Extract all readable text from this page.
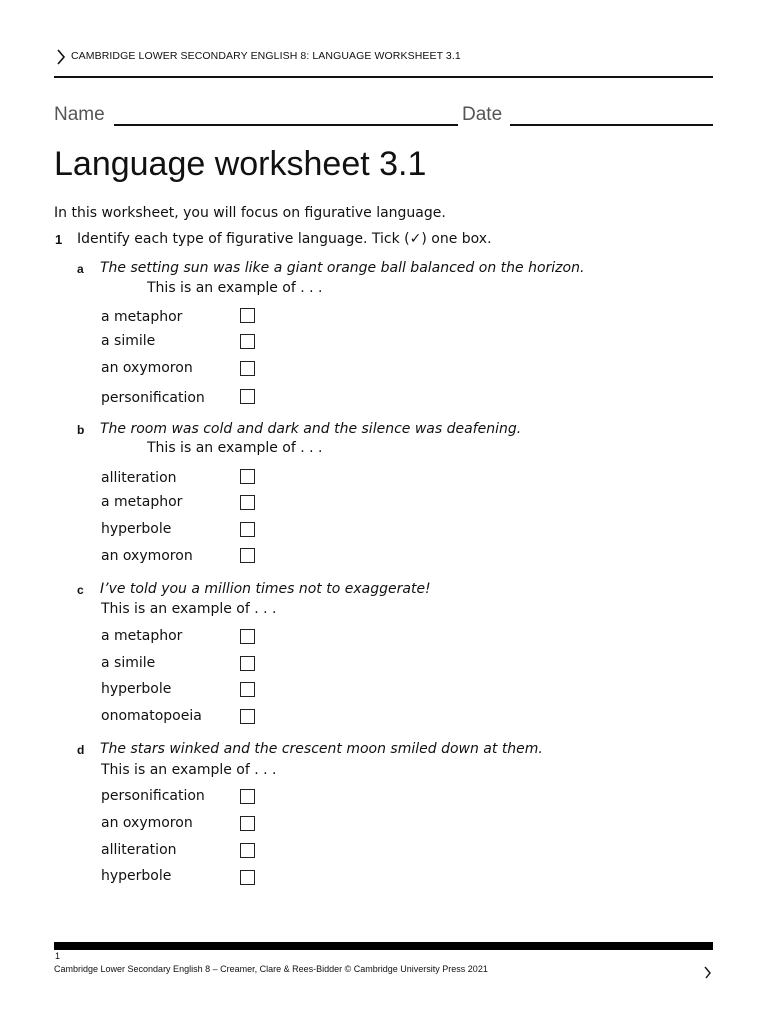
CAMBRIDGE LOWER SECONDARY ENGLISH 8: LANGUAGE WORKSHEET 3.1
Name	Date
Language worksheet 3.1
In this worksheet, you will focus on figurative language.
1 Identify each type of figurative language. Tick (✓) one box.
a The setting sun was like a giant orange ball balanced on the horizon.
This is an example of . . .
a metaphor
a simile
an oxymoron
personification
b The room was cold and dark and the silence was deafening.
This is an example of . . .
alliteration
a metaphor
hyperbole
an oxymoron
c I’ve told you a million times not to exaggerate!
This is an example of . . .
a metaphor
a simile
hyperbole
onomatopoeia
d The stars winked and the crescent moon smiled down at them.
This is an example of . . .
personification
an oxymoron
alliteration
hyperbole
1
Cambridge Lower Secondary English 8 – Creamer, Clare & Rees-Bidder © Cambridge University Press 2021
